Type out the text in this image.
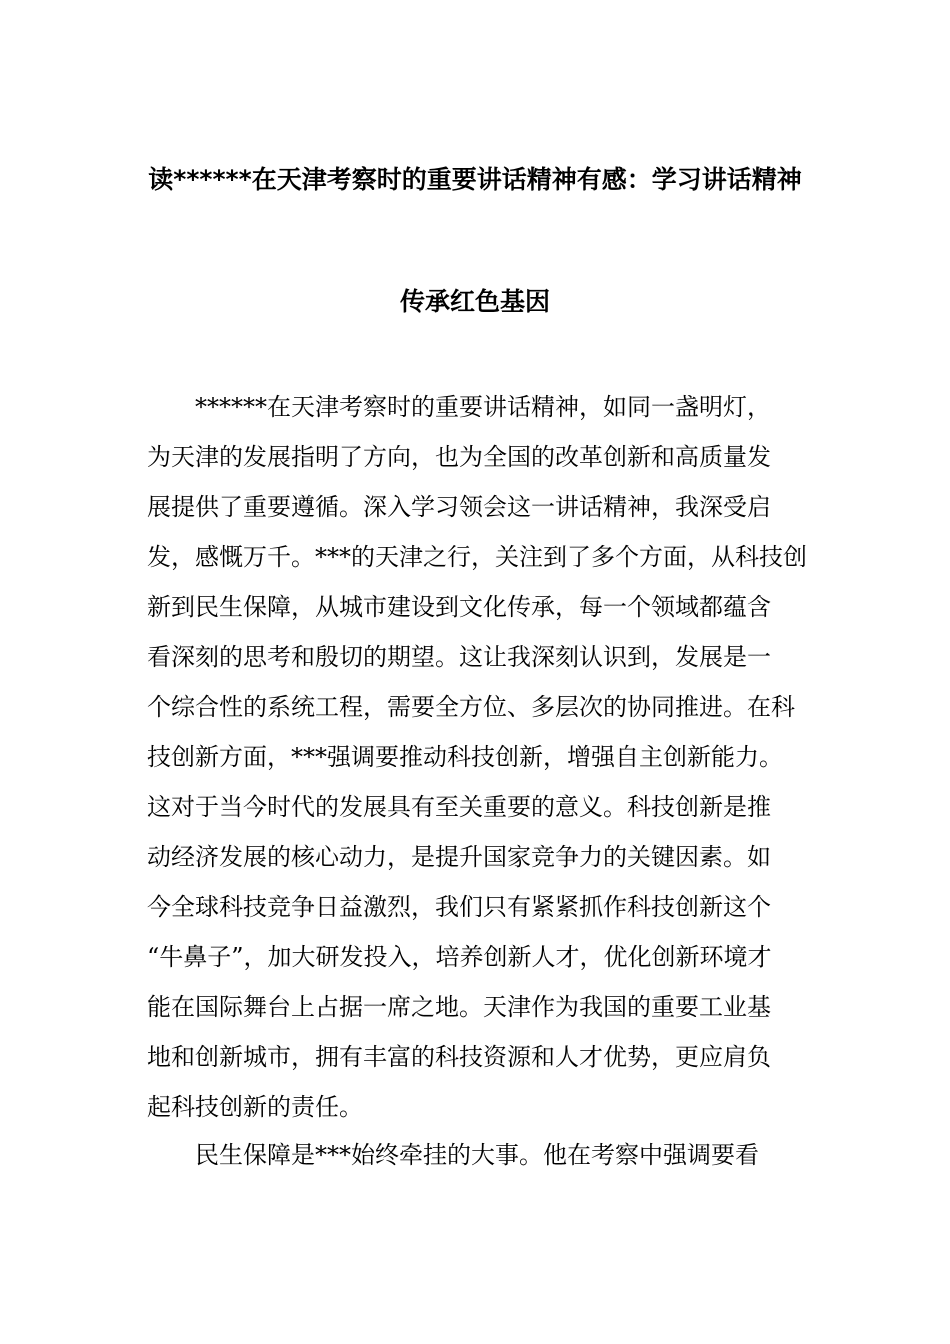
读******在天津考察时的重要讲话精神有感：学习讲话精神
传承红色基因
******在天津考察时的重要讲话精神，如同一盏明灯，
为天津的发展指明了方向，也为全国的改革创新和高质量发
展提供了重要遵循。深入学习领会这一讲话精神，我深受启
发，感慨万千。***的天津之行，关注到了多个方面，从科技创
新到民生保障，从城市建设到文化传承，每一个领域都蕴含
看深刻的思考和殷切的期望。这让我深刻认识到，发展是一
个综合性的系统工程，需要全方位、多层次的协同推进。在科
技创新方面，***强调要推动科技创新，增强自主创新能力。
这对于当今时代的发展具有至关重要的意义。科技创新是推
动经济发展的核心动力，是提升国家竞争力的关键因素。如
今全球科技竞争日益激烈，我们只有紧紧抓作科技创新这个
“牛鼻子”，加大研发投入，培养创新人才，优化创新环境才
能在国际舞台上占据一席之地。天津作为我国的重要工业基
地和创新城市，拥有丰富的科技资源和人才优势，更应肩负
起科技创新的责任。
民生保障是***始终牵挂的大事。他在考察中强调要看
